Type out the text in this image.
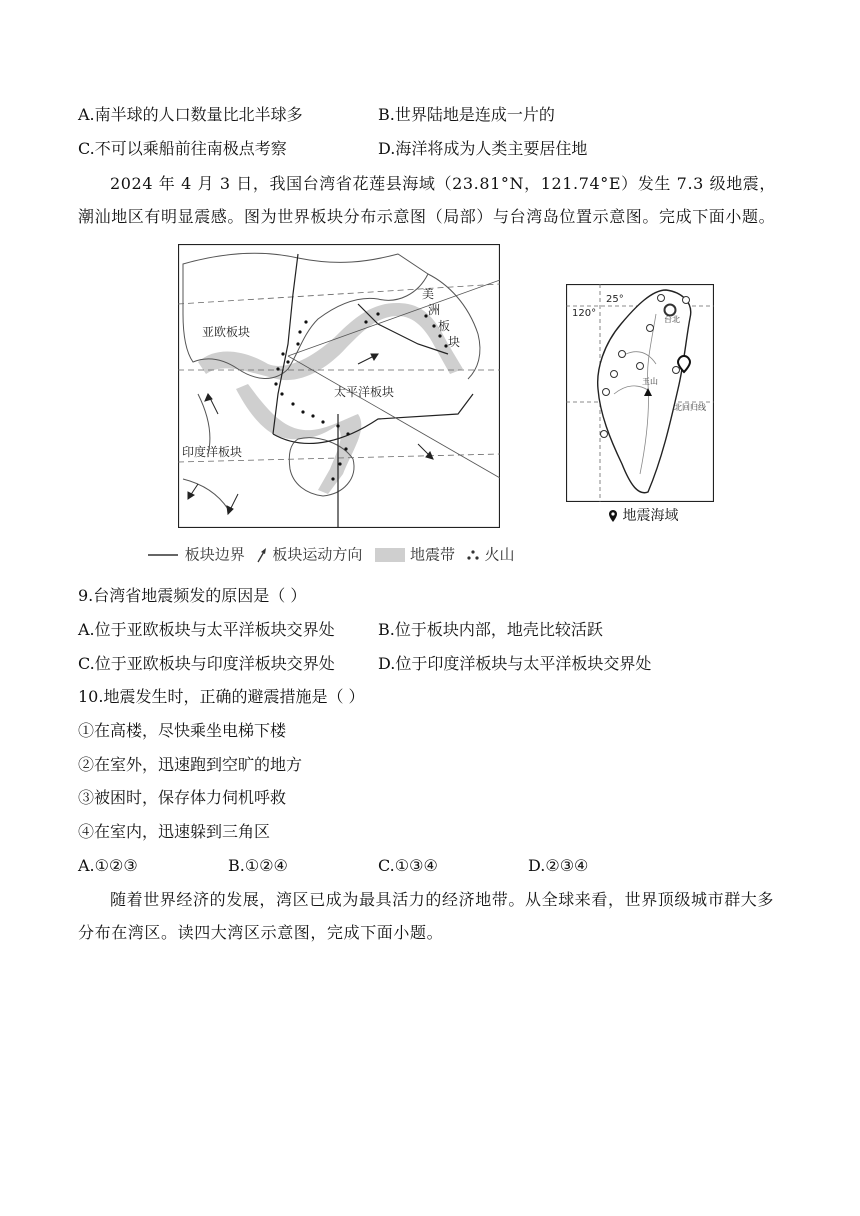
A.南半球的人口数量比北半球多	B.世界陆地是连成一片的
C.不可以乘船前往南极点考察	D.海洋将成为人类主要居住地
2024 年 4 月 3 日，我国台湾省花莲县海域（23.81°N，121.74°E）发生 7.3 级地震，潮汕地区有明显震感。图为世界板块分布示意图（局部）与台湾岛位置示意图。完成下面小题。
亚欧板块
太平洋板块
印度洋板块
美
洲
板
块
25°
120°
台北
玉山
北回归线
地震海域
板块边界 板块运动方向	地震带 火山
9.台湾省地震频发的原因是（ ）
A.位于亚欧板块与太平洋板块交界处	B.位于板块内部，地壳比较活跃
C.位于亚欧板块与印度洋板块交界处	D.位于印度洋板块与太平洋板块交界处
10.地震发生时，正确的避震措施是（ ）
①在高楼，尽快乘坐电梯下楼
②在室外，迅速跑到空旷的地方
③被困时，保存体力伺机呼救
④在室内，迅速躲到三角区
A.①②③	B.①②④	C.①③④	D.②③④
随着世界经济的发展，湾区已成为最具活力的经济地带。从全球来看，世界顶级城市群大多分布在湾区。读四大湾区示意图，完成下面小题。
